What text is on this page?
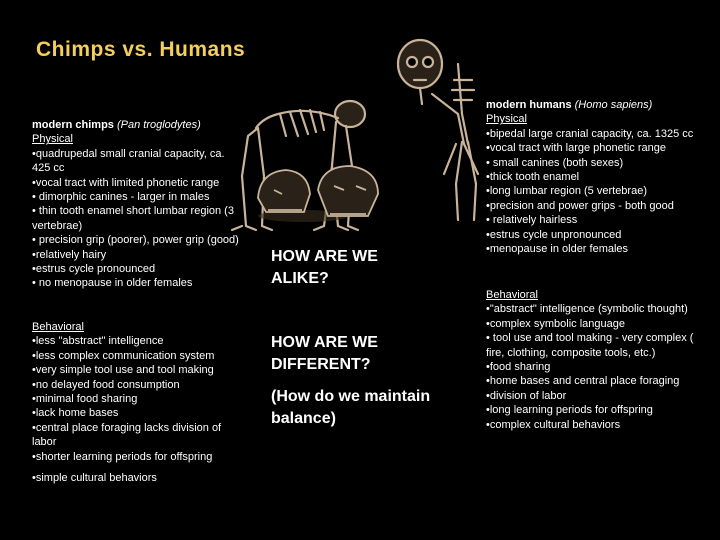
Chimps vs. Humans

modern chimps (Pan troglodytes)

Physical

•quadrupedal small cranial capacity, ca. 425 cc

•vocal tract with limited phonetic range

• dimorphic canines - larger in males

• thin tooth enamel short lumbar region (3 vertebrae)

• precision grip (poorer), power grip (good)

•relatively hairy

•estrus cycle pronounced

• no menopause in older females

Behavioral

•less "abstract" intelligence

•less complex communication system

•very simple tool use and tool making

•no delayed food consumption

•minimal food sharing

•lack home bases

•central place foraging lacks division of labor

•shorter learning periods for offspring

•simple cultural behaviors

HOW ARE WE ALIKE?
HOW ARE WE DIFFERENT?
(How do we maintain balance)

modern humans (Homo sapiens)

Physical

•bipedal large cranial capacity, ca. 1325 cc

•vocal tract with large phonetic range

• small canines (both sexes)

•thick tooth enamel

•long lumbar region (5 vertebrae)

•precision and power grips - both good

• relatively hairless

•estrus cycle unpronounced

•menopause in older females

Behavioral

•"abstract" intelligence (symbolic thought)

•complex symbolic language

• tool use and tool making - very complex ( fire, clothing, composite tools, etc.)

•food sharing

•home bases and central place foraging

•division of labor

•long learning periods for offspring

•complex cultural behaviors
